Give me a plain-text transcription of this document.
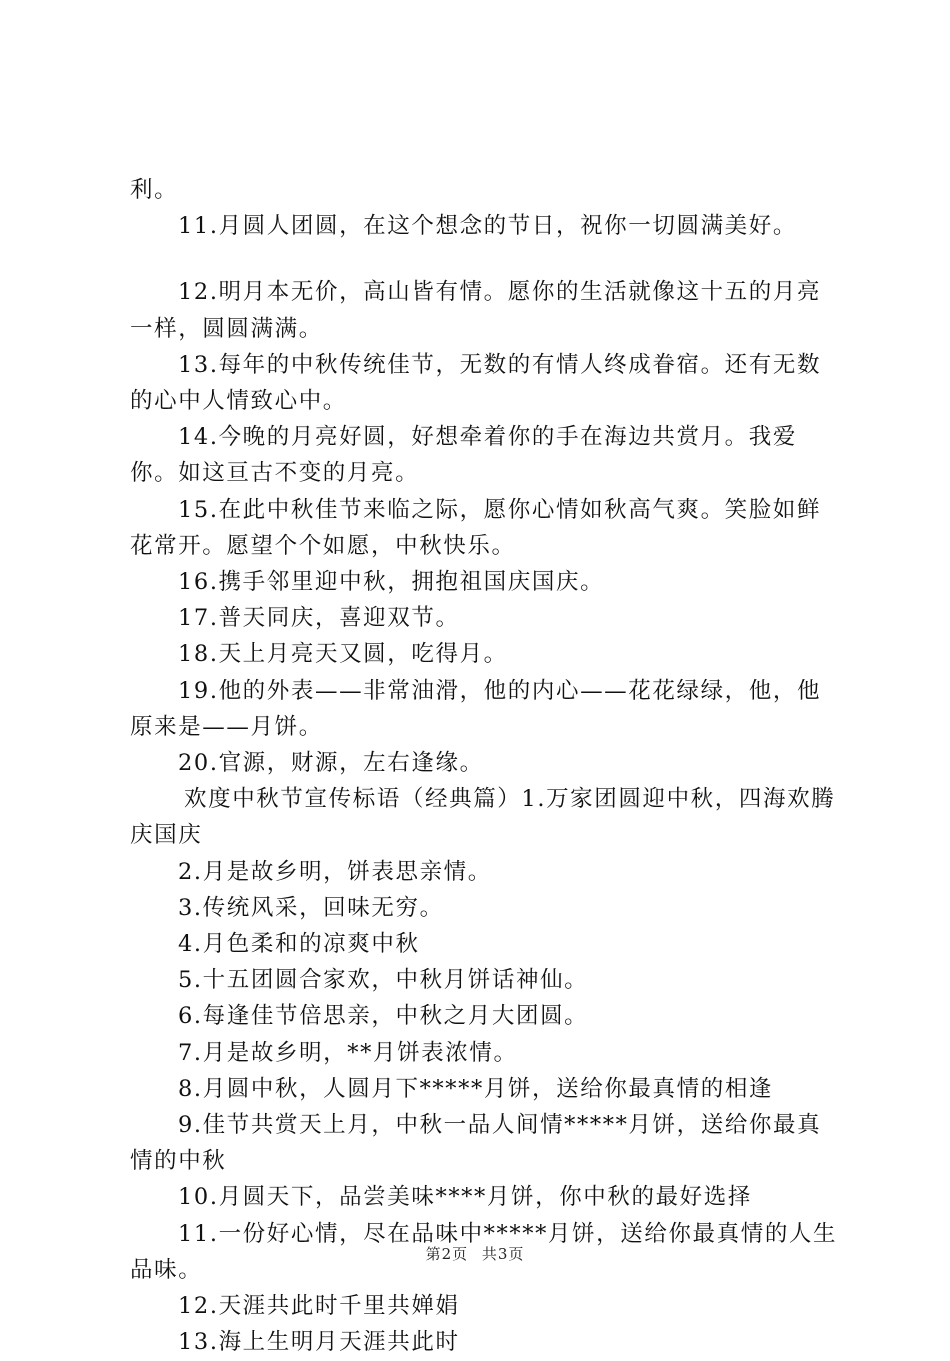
利。

11.月圆人团圆，在这个想念的节日，祝你一切圆满美好。

12.明月本无价，高山皆有情。愿你的生活就像这十五的月亮一样，圆圆满满。

13.每年的中秋传统佳节，无数的有情人终成眷宿。还有无数的心中人情致心中。

14.今晚的月亮好圆，好想牵着你的手在海边共赏月。我爱你。如这亘古不变的月亮。

15.在此中秋佳节来临之际，愿你心情如秋高气爽。笑脸如鲜花常开。愿望个个如愿，中秋快乐。

16.携手邻里迎中秋，拥抱祖国庆国庆。

17.普天同庆，喜迎双节。

18.天上月亮天又圆，吃得月。

19.他的外表——非常油滑，他的内心——花花绿绿，他，他原来是——月饼。

20.官源，财源，左右逢缘。

欢度中秋节宣传标语（经典篇）1.万家团圆迎中秋，四海欢腾庆国庆

2.月是故乡明，饼表思亲情。

3.传统风采，回味无穷。

4.月色柔和的凉爽中秋

5.十五团圆合家欢，中秋月饼话神仙。

6.每逢佳节倍思亲，中秋之月大团圆。

7.月是故乡明，**月饼表浓情。

8.月圆中秋，人圆月下*****月饼，送给你最真情的相逢

9.佳节共赏天上月，中秋一品人间情*****月饼，送给你最真情的中秋

10.月圆天下，品尝美味****月饼，你中秋的最好选择

11.一份好心情，尽在品味中*****月饼，送给你最真情的人生品味。

12.天涯共此时千里共婵娟

13.海上生明月天涯共此时

第2页 共3页
